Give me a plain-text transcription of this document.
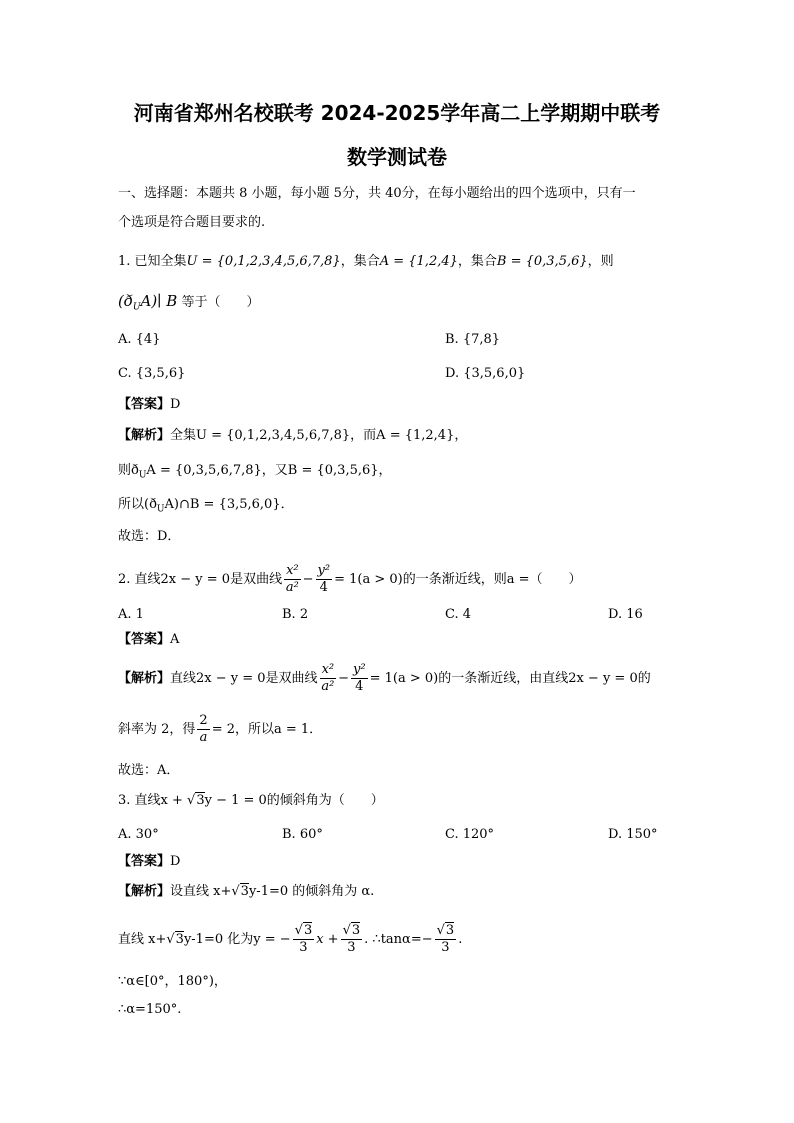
河南省郑州名校联考 2024-2025学年高二上学期期中联考
数学测试卷
一、选择题：本题共 8 小题，每小题 5分，共 40分，在每小题给出的四个选项中，只有一
个选项是符合题目要求的.
1. 已知全集U = {0,1,2,3,4,5,6,7,8}，集合A = {1,2,4}，集合B = {0,3,5,6}，则
$(ð_UA)∣$ B 等于（　　）
A. {4}	B. {7,8}
C. {3,5,6}	D. {3,5,6,0}
【答案】D
【解析】全集U = {0,1,2,3,4,5,6,7,8}，而A = {1,2,4}，
则$ð_UA = \{0,3,5,6,7,8\}$，又B = {0,3,5,6}，
所以$(ð_UA)\cap B = \{3,5,6,0\}$．
故选：D．
2. 直线2x − y = 0是双曲线 $\frac{\text{x²}}{\text{a²}} - \frac{\text{y²}}{4} = 1(a > 0)$的一条渐近线，则a =（　　）
A. 1	B. 2	C. 4	D. 16
【答案】A
【解析】直线2x − y = 0是双曲线 $\frac{\text{x²}}{\text{a²}} - \frac{\text{y²}}{4} = 1(a > 0)$的一条渐近线，由直线2x − y = 0的
斜率为 2，得 $\frac{2}{a} = 2$，所以a = 1．
故选：A．
3. 直线x + √3y − 1 = 0的倾斜角为（　　）
A. 30°	B. 60°	C. 120°	D. 150°
【答案】D
【解析】设直线 x+√3y-1=0 的倾斜角为 α.
直线 x+√3y-1=0 化为y = − $\frac{√3}{3}$ $x + \frac{√3}{3}$ . ∴tanα=− $\frac{√3}{3}$ .
∵α∈[0°，180°)，
∴α=150°.
